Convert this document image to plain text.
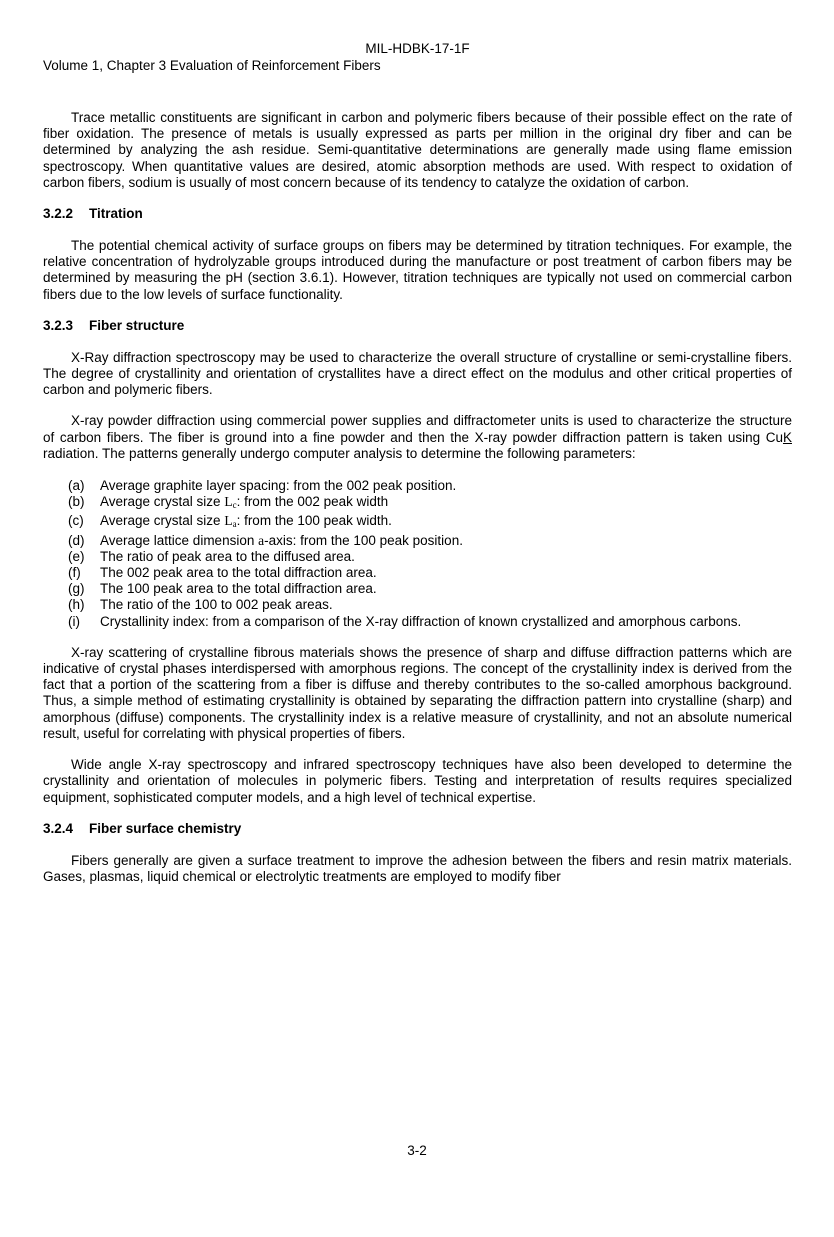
MIL-HDBK-17-1F
Volume 1, Chapter 3 Evaluation of Reinforcement Fibers

Trace metallic constituents are significant in carbon and polymeric fibers because of their possible effect on the rate of fiber oxidation. The presence of metals is usually expressed as parts per million in the original dry fiber and can be determined by analyzing the ash residue. Semi-quantitative determinations are generally made using flame emission spectroscopy. When quantitative values are desired, atomic absorption methods are used. With respect to oxidation of carbon fibers, sodium is usually of most concern because of its tendency to catalyze the oxidation of carbon.

3.2.2 Titration

The potential chemical activity of surface groups on fibers may be determined by titration techniques. For example, the relative concentration of hydrolyzable groups introduced during the manufacture or post treatment of carbon fibers may be determined by measuring the pH (section 3.6.1). However, titration techniques are typically not used on commercial carbon fibers due to the low levels of surface functionality.

3.2.3 Fiber structure

X-Ray diffraction spectroscopy may be used to characterize the overall structure of crystalline or semi-crystalline fibers. The degree of crystallinity and orientation of crystallites have a direct effect on the modulus and other critical properties of carbon and polymeric fibers.

X-ray powder diffraction using commercial power supplies and diffractometer units is used to characterize the structure of carbon fibers. The fiber is ground into a fine powder and then the X-ray powder diffraction pattern is taken using CuK radiation. The patterns generally undergo computer analysis to determine the following parameters:

(a) Average graphite layer spacing: from the 002 peak position.
(b) Average crystal size $L_c$: from the 002 peak width
(c) Average crystal size $L_a$: from the 100 peak width.
(d) Average lattice dimension a-axis: from the 100 peak position.
(e) The ratio of peak area to the diffused area.
(f) The 002 peak area to the total diffraction area.
(g) The 100 peak area to the total diffraction area.
(h) The ratio of the 100 to 002 peak areas.
(i) Crystallinity index: from a comparison of the X-ray diffraction of known crystallized and amorphous carbons.

X-ray scattering of crystalline fibrous materials shows the presence of sharp and diffuse diffraction patterns which are indicative of crystal phases interdispersed with amorphous regions. The concept of the crystallinity index is derived from the fact that a portion of the scattering from a fiber is diffuse and thereby contributes to the so-called amorphous background. Thus, a simple method of estimating crystallinity is obtained by separating the diffraction pattern into crystalline (sharp) and amorphous (diffuse) components. The crystallinity index is a relative measure of crystallinity, and not an absolute numerical result, useful for correlating with physical properties of fibers.

Wide angle X-ray spectroscopy and infrared spectroscopy techniques have also been developed to determine the crystallinity and orientation of molecules in polymeric fibers. Testing and interpretation of results requires specialized equipment, sophisticated computer models, and a high level of technical expertise.

3.2.4 Fiber surface chemistry

Fibers generally are given a surface treatment to improve the adhesion between the fibers and resin matrix materials. Gases, plasmas, liquid chemical or electrolytic treatments are employed to modify fiber

3-2
